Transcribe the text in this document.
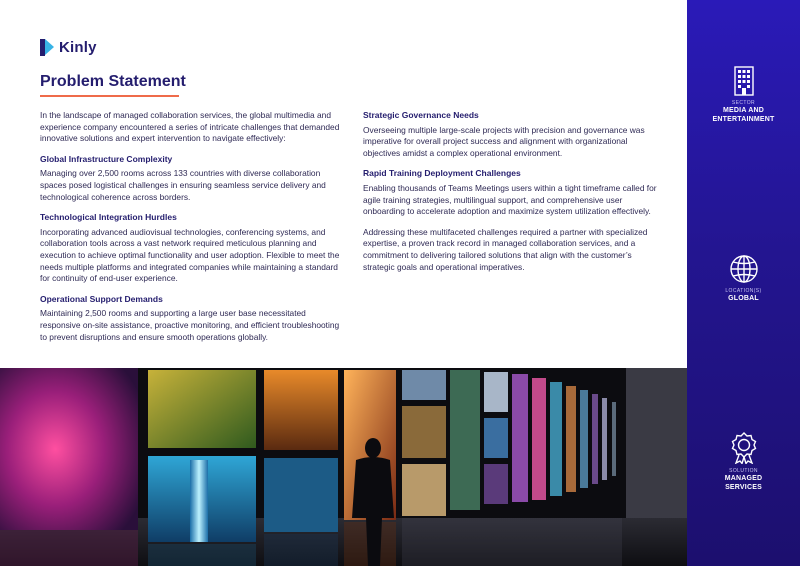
Kinly
Problem Statement

In the landscape of managed collaboration services, the global multimedia and experience company encountered a series of intricate challenges that demanded innovative solutions and expert intervention to navigate effectively:

Global Infrastructure Complexity

Managing over 2,500 rooms across 133 countries with diverse collaboration spaces posed logistical challenges in ensuring seamless service delivery and technological coherence across borders.

Technological Integration Hurdles

Incorporating advanced audiovisual technologies, conferencing systems, and collaboration tools across a vast network required meticulous planning and execution to achieve optimal functionality and user adoption. Flexible to meet the needs multiple platforms and integrated companies while maintaining a standard for continuity of end-user experience.

Operational Support Demands

Maintaining 2,500 rooms and supporting a large user base necessitated responsive on-site assistance, proactive monitoring, and efficient troubleshooting to prevent disruptions and ensure smooth operations globally.

Strategic Governance Needs

Overseeing multiple large-scale projects with precision and governance was imperative for overall project success and alignment with organizational objectives amidst a complex operational environment.

Rapid Training Deployment Challenges

Enabling thousands of Teams Meetings users within a tight timeframe called for agile training strategies, multilingual support, and comprehensive user onboarding to accelerate adoption and maximize system utilization effectively.

Addressing these multifaceted challenges required a partner with specialized expertise, a proven track record in managed collaboration services, and a commitment to delivering tailored solutions that align with the customer’s strategic goals and operational imperatives.

SECTOR
MEDIA AND
ENTERTAINMENT
LOCATION(S)
GLOBAL
SOLUTION
MANAGED
SERVICES
